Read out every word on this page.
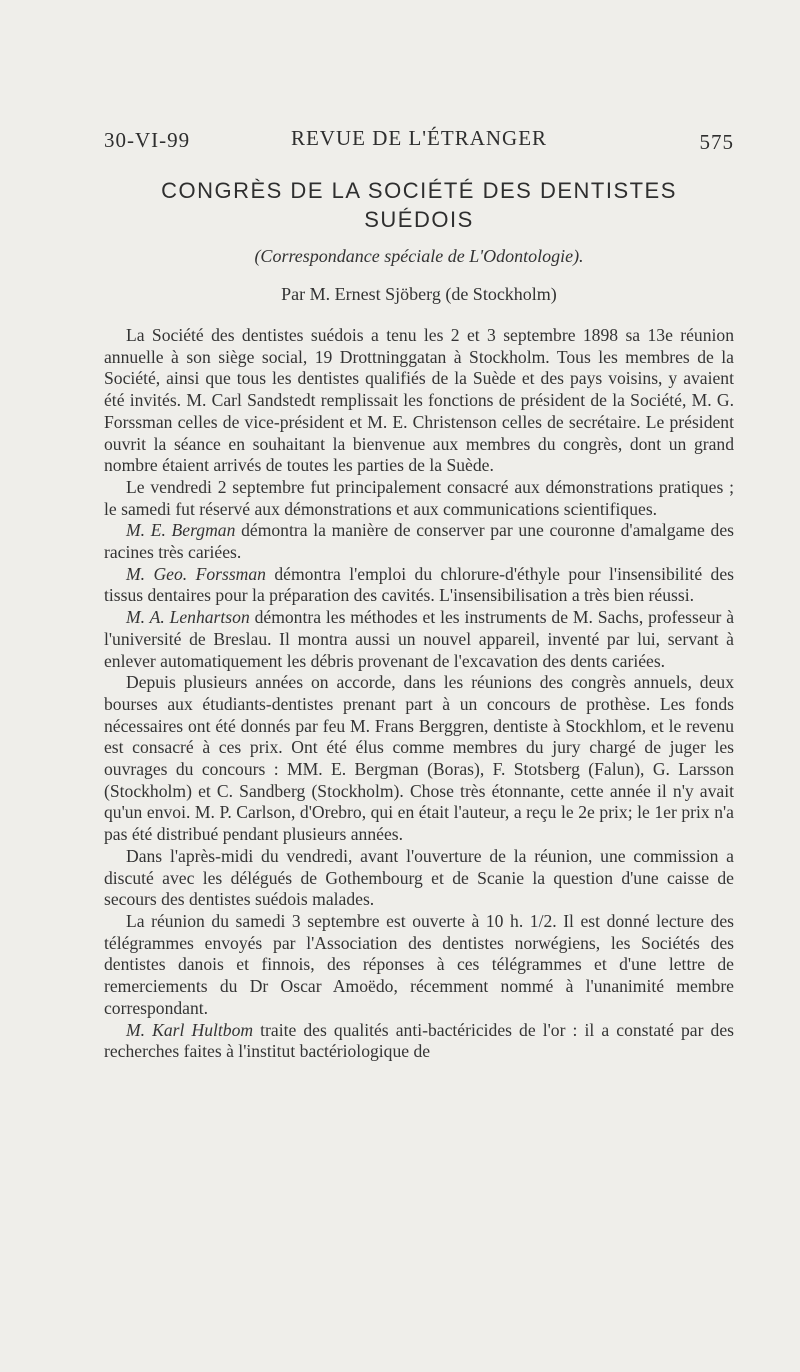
30-VI-99	REVUE DE L'ÉTRANGER	575
CONGRÈS DE LA SOCIÉTÉ DES DENTISTES
SUÉDOIS
(Correspondance spéciale de L'Odontologie).
Par M. Ernest Sjöberg (de Stockholm)

La Société des dentistes suédois a tenu les 2 et 3 septembre 1898 sa 13e réunion annuelle à son siège social, 19 Drottninggatan à Stockholm. Tous les membres de la Société, ainsi que tous les dentistes qualifiés de la Suède et des pays voisins, y avaient été invités. M. Carl Sandstedt remplissait les fonctions de président de la Société, M. G. Forssman celles de vice-président et M. E. Christenson celles de secrétaire. Le président ouvrit la séance en souhaitant la bienvenue aux membres du congrès, dont un grand nombre étaient arrivés de toutes les parties de la Suède.

Le vendredi 2 septembre fut principalement consacré aux démonstrations pratiques ; le samedi fut réservé aux démonstrations et aux communications scientifiques.

M. E. Bergman démontra la manière de conserver par une couronne d'amalgame des racines très cariées.

M. Geo. Forssman démontra l'emploi du chlorure-d'éthyle pour l'insensibilité des tissus dentaires pour la préparation des cavités. L'insensibilisation a très bien réussi.

M. A. Lenhartson démontra les méthodes et les instruments de M. Sachs, professeur à l'université de Breslau. Il montra aussi un nouvel appareil, inventé par lui, servant à enlever automatiquement les débris provenant de l'excavation des dents cariées.

Depuis plusieurs années on accorde, dans les réunions des congrès annuels, deux bourses aux étudiants-dentistes prenant part à un concours de prothèse. Les fonds nécessaires ont été donnés par feu M. Frans Berggren, dentiste à Stockhlom, et le revenu est consacré à ces prix. Ont été élus comme membres du jury chargé de juger les ouvrages du concours : MM. E. Bergman (Boras), F. Stotsberg (Falun), G. Larsson (Stockholm) et C. Sandberg (Stockholm). Chose très étonnante, cette année il n'y avait qu'un envoi. M. P. Carlson, d'Orebro, qui en était l'auteur, a reçu le 2e prix; le 1er prix n'a pas été distribué pendant plusieurs années.

Dans l'après-midi du vendredi, avant l'ouverture de la réunion, une commission a discuté avec les délégués de Gothembourg et de Scanie la question d'une caisse de secours des dentistes suédois malades.

La réunion du samedi 3 septembre est ouverte à 10 h. 1/2. Il est donné lecture des télégrammes envoyés par l'Association des dentistes norwégiens, les Sociétés des dentistes danois et finnois, des réponses à ces télégrammes et d'une lettre de remerciements du Dr Oscar Amoëdo, récemment nommé à l'unanimité membre correspondant.

M. Karl Hultbom traite des qualités anti-bactéricides de l'or : il a constaté par des recherches faites à l'institut bactériologique de
